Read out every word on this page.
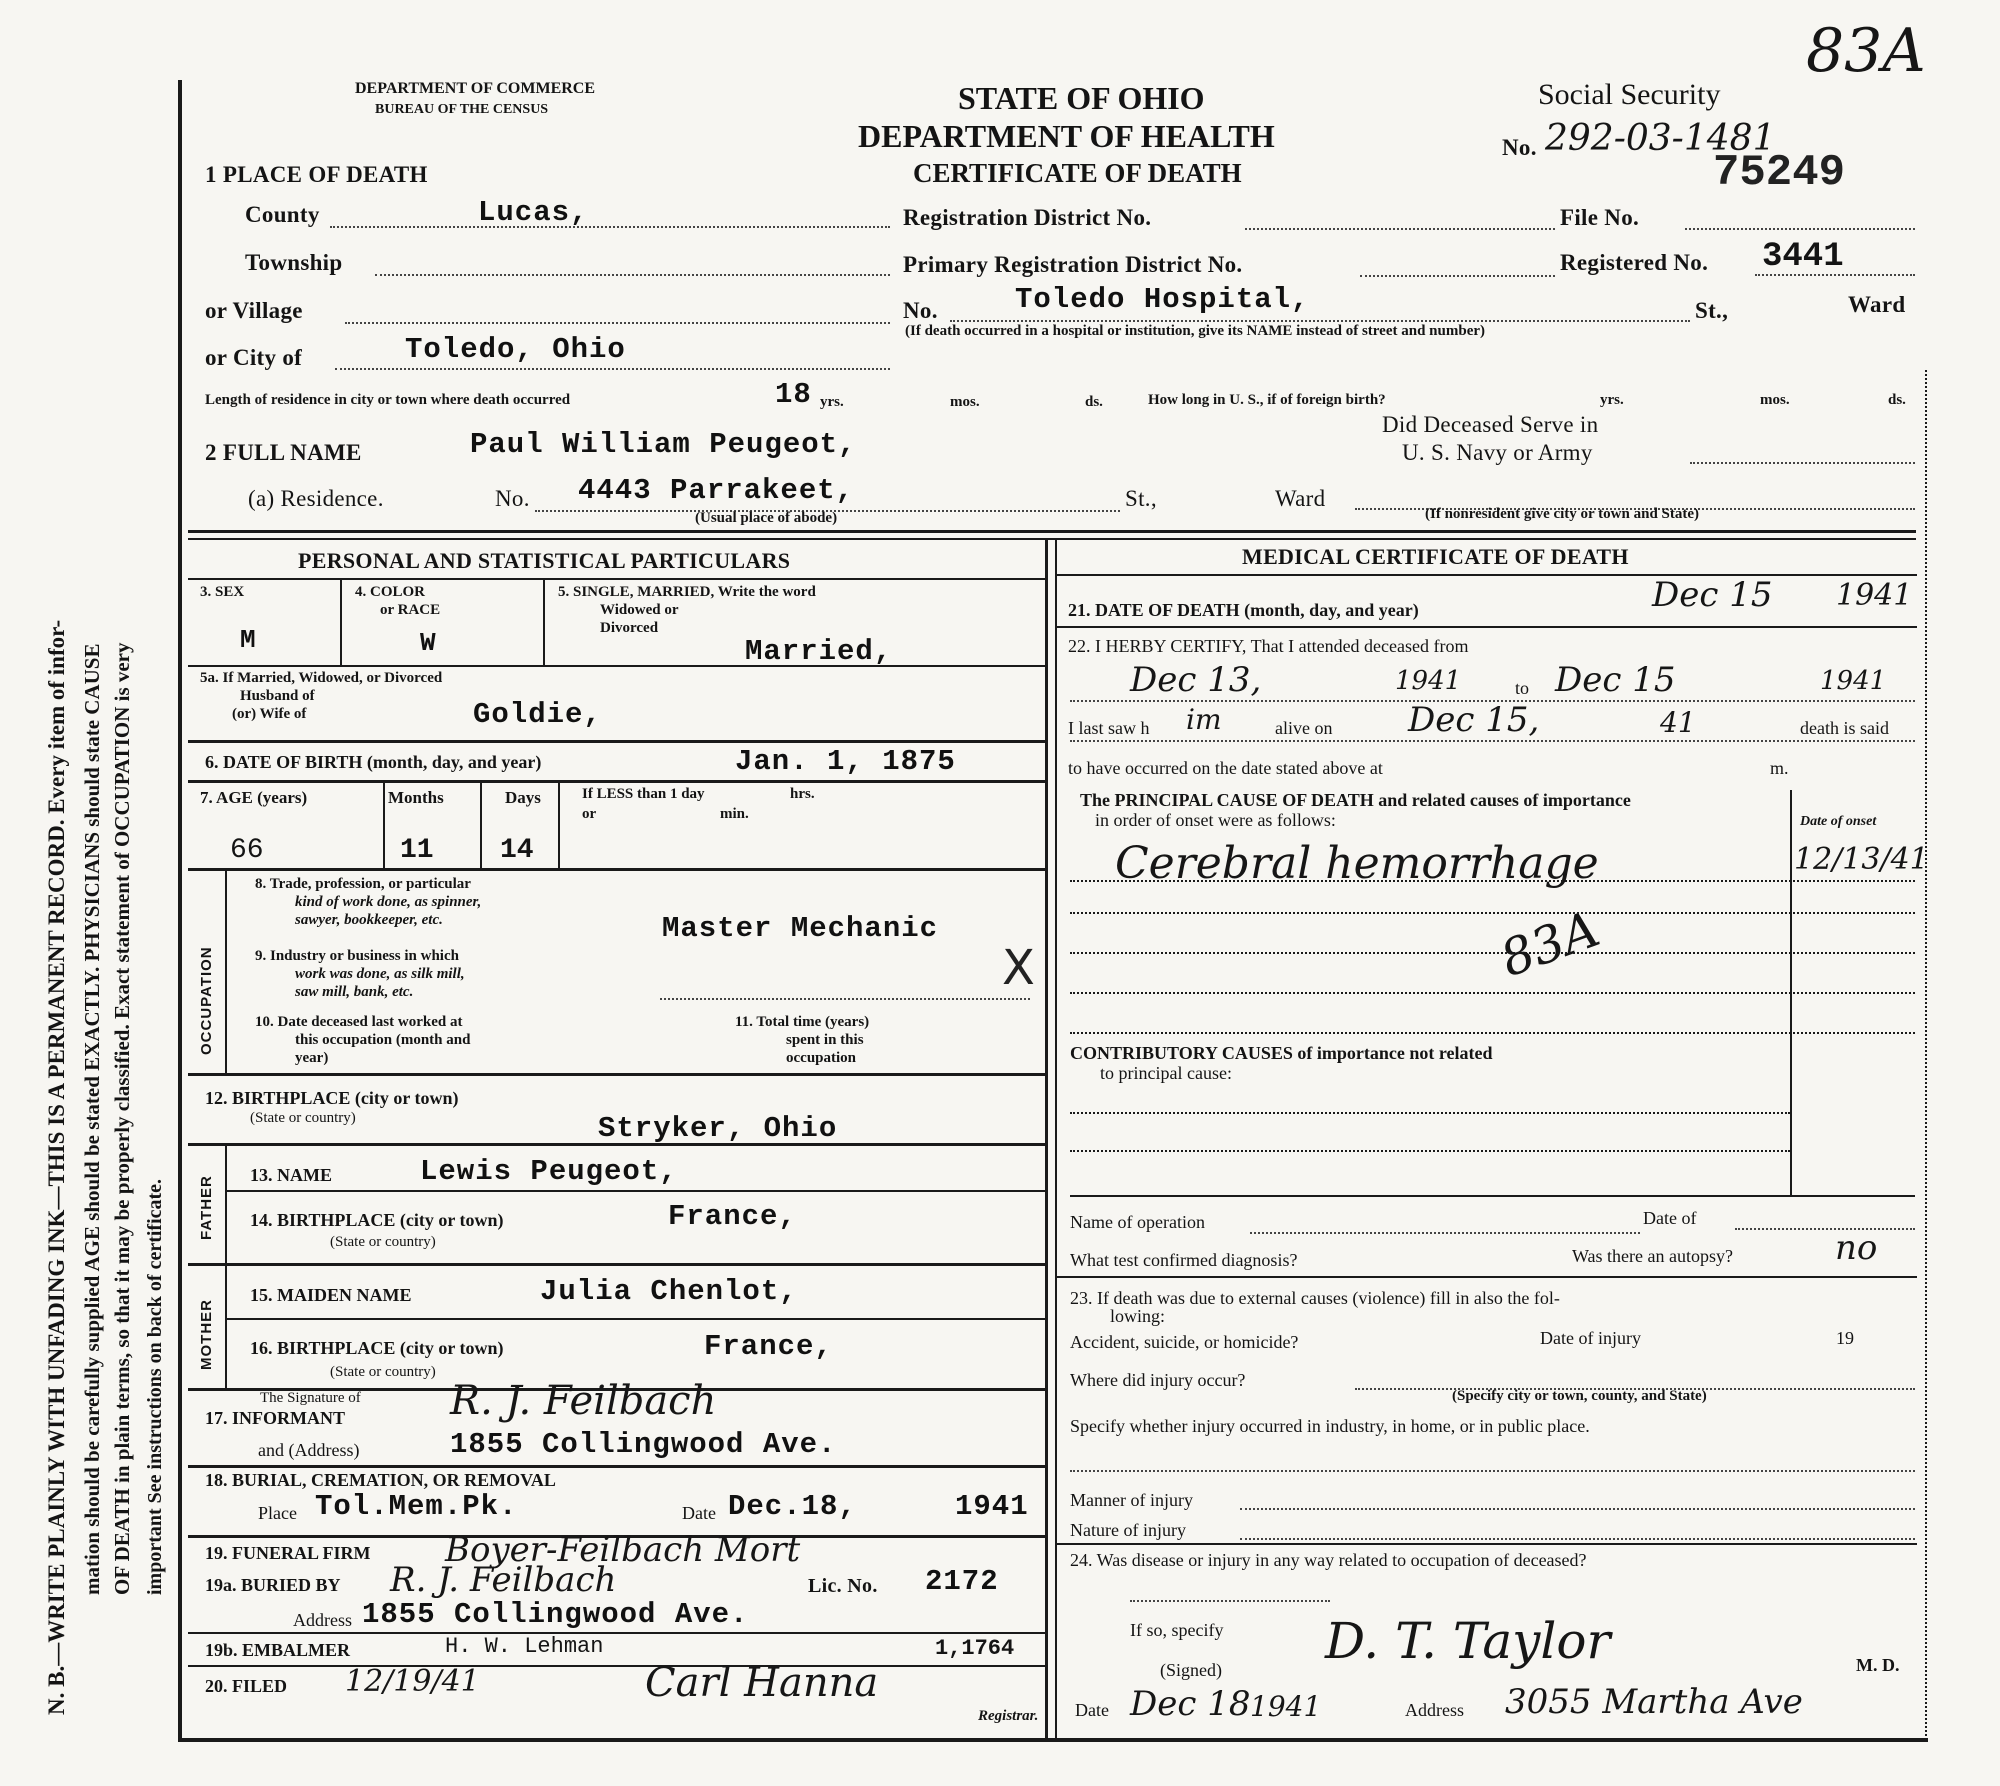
N. B.—WRITE PLAINLY WITH UNFADING INK—THIS IS A PERMANENT RECORD. Every item of infor- mation should be carefully supplied AGE should be stated EXACTLY. PHYSICIANS should state CAUSE OF DEATH in plain terms, so that it may be properly classified. Exact statement of OCCUPATION is very important See instructions on back of certificate.
DEPARTMENT OF COMMERCE
BUREAU OF THE CENSUS	STATE OF OHIO
DEPARTMENT OF HEALTH
CERTIFICATE OF DEATH
Social Security
No. 292-03-1481
75249
83A
1 PLACE OF DEATH
County	Lucas,	Registration District No.	File No.
Township	Primary Registration District No.	Registered No. 3441
or Village	No.	Toledo Hospital,	St.,	Ward
(If death occurred in a hospital or institution, give its NAME instead of street and number)
or City of	Toledo, Ohio
Length of residence in city or town where death occurred	18 yrs.	mos.	ds.	How long in U. S., if of foreign birth?	yrs.	mos.	ds.
2 FULL NAME	Paul William Peugeot,
Did Deceased Serve in
U. S. Navy or Army
(a) Residence.	No. 4443 Parrakeet,	St.,	Ward
(Usual place of abode)	(If nonresident give city or town and State)
PERSONAL AND STATISTICAL PARTICULARS
3. SEX
M
4. COLOR
or RACE
W
5. SINGLE, MARRIED, Write the word
Widowed or
Divorced
Married,
5a. If Married, Widowed, or Divorced
Husband of
(or) Wife of	Goldie,
6. DATE OF BIRTH (month, day, and year)	Jan. 1, 1875
7. AGE (years)	Months	Days	If LESS than 1 day
or
hrs.
min.
66	11 14
OCCUPATION
8. Trade, profession, or particular
kind of work done, as spinner,
sawyer, bookkeeper, etc.	Master Mechanic
9. Industry or business in which
work was done, as silk mill,
saw mill, bank, etc.	X
10. Date deceased last worked at
this occupation (month and
year)
11. Total time (years)
spent in this
occupation
12. BIRTHPLACE (city or town)
(State or country)	Stryker, Ohio
FATHER
13. NAME	Lewis Peugeot,
14. BIRTHPLACE (city or town)
(State or country)
France,
MOTHER
15. MAIDEN NAME	Julia Chenlot,
16. BIRTHPLACE (city or town)
(State or country)
France,
The Signature of
17. INFORMANT	R. J. Feilbach
and (Address)	1855 Collingwood Ave.
18. BURIAL, CREMATION, OR REMOVAL
Place Tol.Mem.Pk.	Date Dec.18,	1941
19. FUNERAL FIRM Boyer-Feilbach Mort
19a. BURIED BY R. J. Feilbach	Lic. No. 2172
Address 1855 Collingwood Ave.
19b. EMBALMER	H. W. Lehman	1,1764
20. FILED 12/19/41	Carl Hanna
Registrar.
MEDICAL CERTIFICATE OF DEATH
21. DATE OF DEATH (month, day, and year)	Dec 15 1941
22. I HERBY CERTIFY, That I attended deceased from
Dec 13,	1941	to Dec 15	1941
I last saw h im	alive on Dec 15,	41	death is said
to have occurred on the date stated above at	m.
The PRINCIPAL CAUSE OF DEATH and related causes of importance
in order of onset were as follows:	Date of onset
Cerebral hemorrhage	12/13/41
83A
CONTRIBUTORY CAUSES of importance not related
to principal cause:
Name of operation	Date of
What test confirmed diagnosis?	Was there an autopsy?	no
23. If death was due to external causes (violence) fill in also the fol-
lowing:
Accident, suicide, or homicide?	Date of injury	19
Where did injury occur?
(Specify city or town, county, and State)
Specify whether injury occurred in industry, in home, or in public place.
Manner of injury
Nature of injury
24. Was disease or injury in any way related to occupation of deceased?
If so, specify
(Signed) D. T. Taylor	M. D.
Date Dec 18 1941	Address 3055 Martha Ave
